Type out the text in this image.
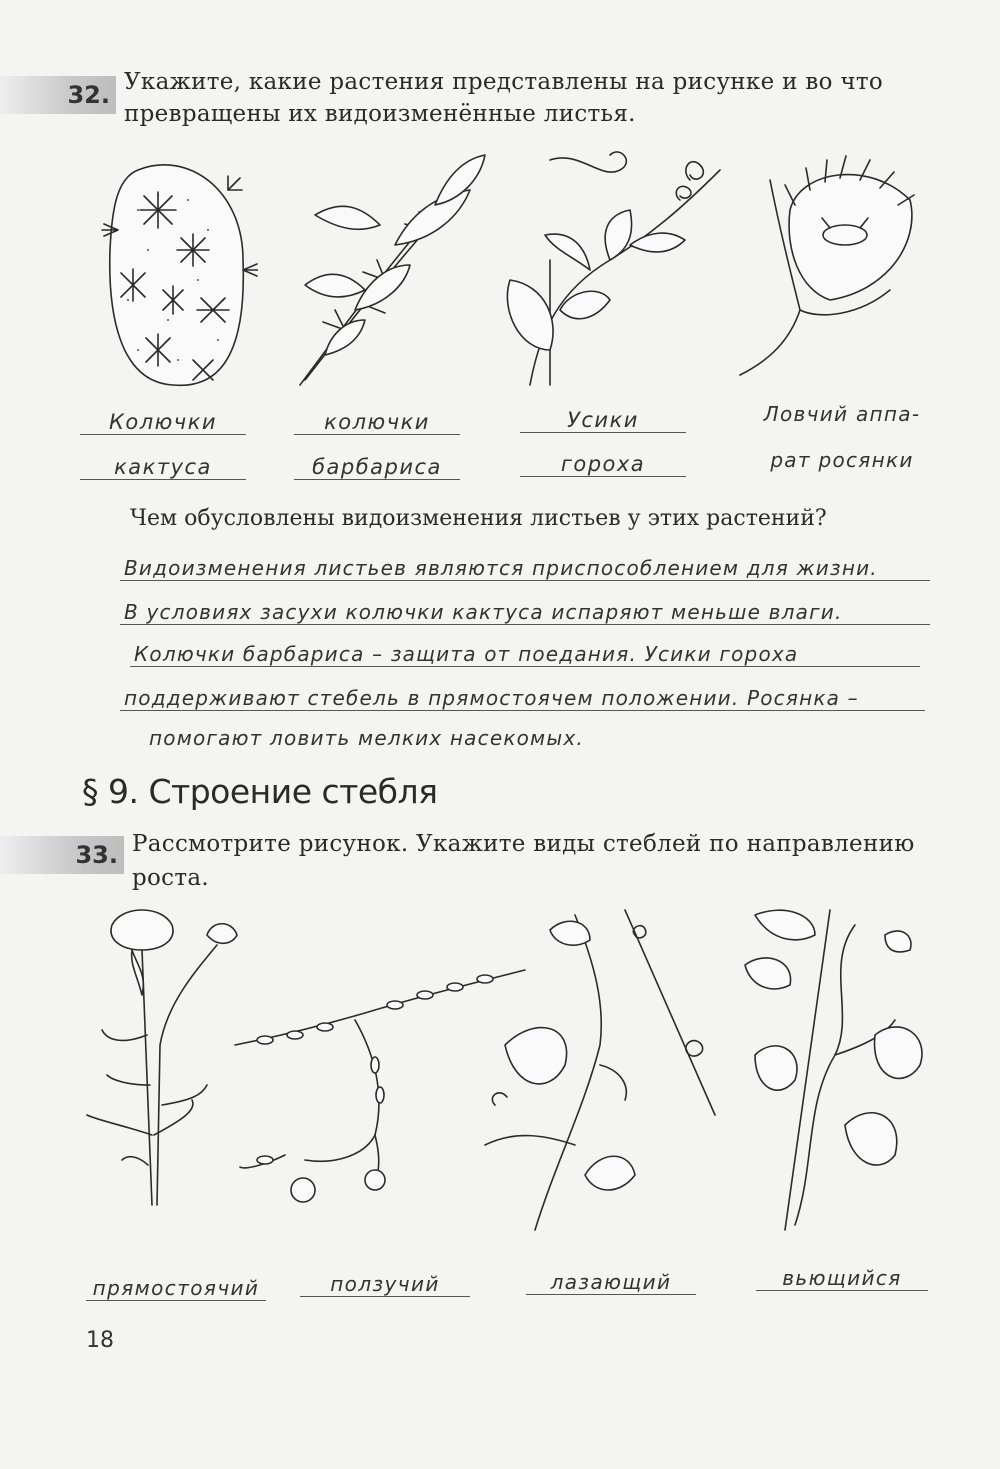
32. Укажите, какие растения представлены на рисунке и во что
превращены их видоизменённые листья.
Колючки
кактуса
колючки
барбариса
Усики
гороха
Ловчий аппа-
рат росянки
Чем обусловлены видоизменения листьев у этих растений?
Видоизменения листьев являются приспособлением для жизни.
В условиях засухи колючки кактуса испаряют меньше влаги.
Колючки барбариса – защита от поедания. Усики гороха
поддерживают стебель в прямостоячем положении. Росянка –
помогают ловить мелких насекомых.
§ 9. Строение стебля
33. Рассмотрите рисунок. Укажите виды стеблей по направлению
роста.
прямостоячий	ползучий	лазающий	вьющийся
18
